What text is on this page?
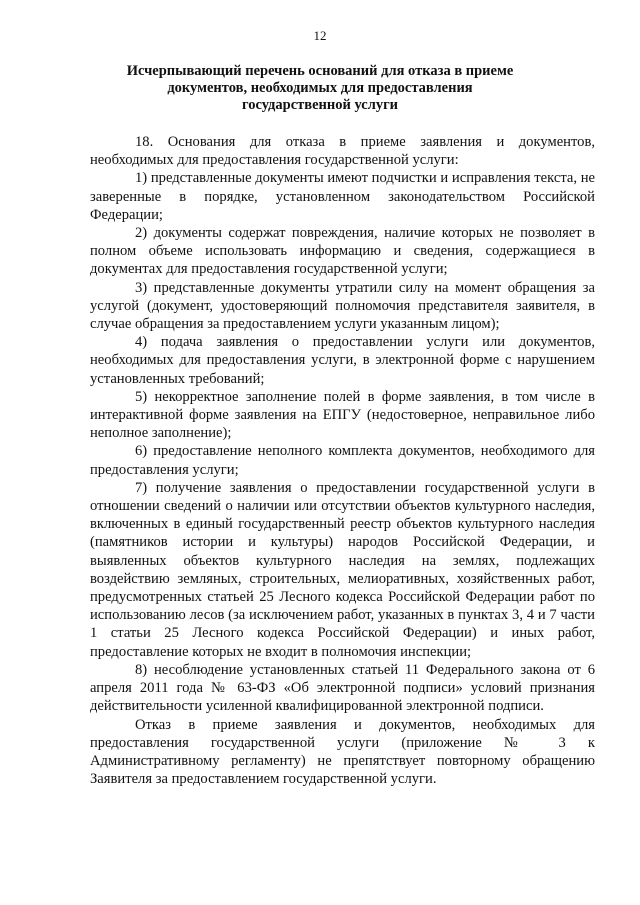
12
Исчерпывающий перечень оснований для отказа в приеме
документов, необходимых для предоставления
государственной услуги

18. Основания для отказа в приеме заявления и документов, необходимых для предоставления государственной услуги:

1) представленные документы имеют подчистки и исправления текста, не заверенные в порядке, установленном законодательством Российской Федерации;

2) документы содержат повреждения, наличие которых не позволяет в полном объеме использовать информацию и сведения, содержащиеся в документах для предоставления государственной услуги;

3) представленные документы утратили силу на момент обращения за услугой (документ, удостоверяющий полномочия представителя заявителя, в случае обращения за предоставлением услуги указанным лицом);

4) подача заявления о предоставлении услуги или документов, необходимых для предоставления услуги, в электронной форме с нарушением установленных требований;

5) некорректное заполнение полей в форме заявления, в том числе в интерактивной форме заявления на ЕПГУ (недостоверное, неправильное либо неполное заполнение);

6) предоставление неполного комплекта документов, необходимого для предоставления услуги;

7) получение заявления о предоставлении государственной услуги в отношении сведений о наличии или отсутствии объектов культурного наследия, включенных в единый государственный реестр объектов культурного наследия (памятников истории и культуры) народов Российской Федерации, и выявленных объектов культурного наследия на землях, подлежащих воздействию земляных, строительных, мелиоративных, хозяйственных работ, предусмотренных статьей 25 Лесного кодекса Российской Федерации работ по использованию лесов (за исключением работ, указанных в пунктах 3, 4 и 7 части 1 статьи 25 Лесного кодекса Российской Федерации) и иных работ, предоставление которых не входит в полномочия инспекции;

8) несоблюдение установленных статьей 11 Федерального закона от 6 апреля 2011 года № 63-ФЗ «Об электронной подписи» условий признания действительности усиленной квалифицированной электронной подписи.

Отказ в приеме заявления и документов, необходимых для предоставления государственной услуги (приложение № 3 к Административному регламенту) не препятствует повторному обращению Заявителя за предоставлением государственной услуги.
